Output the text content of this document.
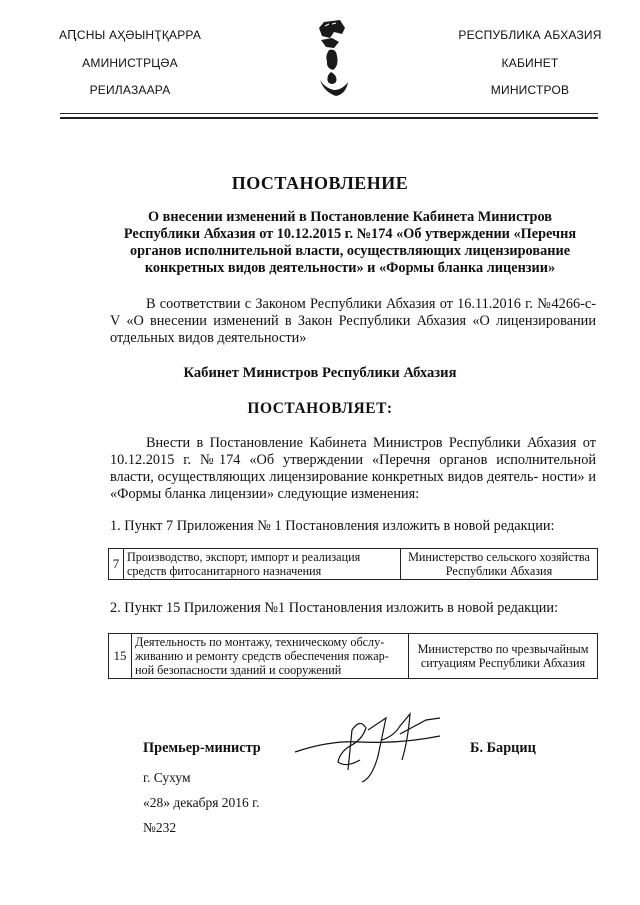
АԤСНЫ АҲӘЫНҬҚАРРА
АМИНИСТРЦӘА
РЕИЛАЗААРА
РЕСПУБЛИКА АБХАЗИЯ
КАБИНЕТ
МИНИСТРОВ
ПОСТАНОВЛЕНИЕ
О внесении изменений в Постановление Кабинета Министров Республики Абхазия от 10.12.2015 г. №174 «Об утверждении «Перечня органов исполнительной власти, осуществляющих лицензирование конкретных видов деятельности» и «Формы бланка лицензии»
В соответствии с Законом Республики Абхазия от 16.11.2016 г. №4266-с-V «О внесении изменений в Закон Республики Абхазия «О лицензировании отдельных видов деятельности»
Кабинет Министров Республики Абхазия
ПОСТАНОВЛЯЕТ:
Внести в Постановление Кабинета Министров Республики Абхазия от 10.12.2015 г. №174 «Об утверждении «Перечня органов исполнительной власти, осуществляющих лицензирование конкретных видов деятель- ности» и «Формы бланка лицензии» следующие изменения:
1. Пункт 7 Приложения № 1 Постановления изложить в новой редакции:
7	Производство, экспорт, импорт и реализация средств фитосанитарного назначения	Министерство сельского хозяйства Республики Абхазия
2. Пункт 15 Приложения №1 Постановления изложить в новой редакции:
15	Деятельность по монтажу, техническому обслу- живанию и ремонту средств обеспечения пожар- ной безопасности зданий и сооружений	Министерство по чрезвычайным ситуациям Республики Абхазия
Премьер-министр	Б. Барциц
г. Сухум
«28» декабря 2016 г.
№232
